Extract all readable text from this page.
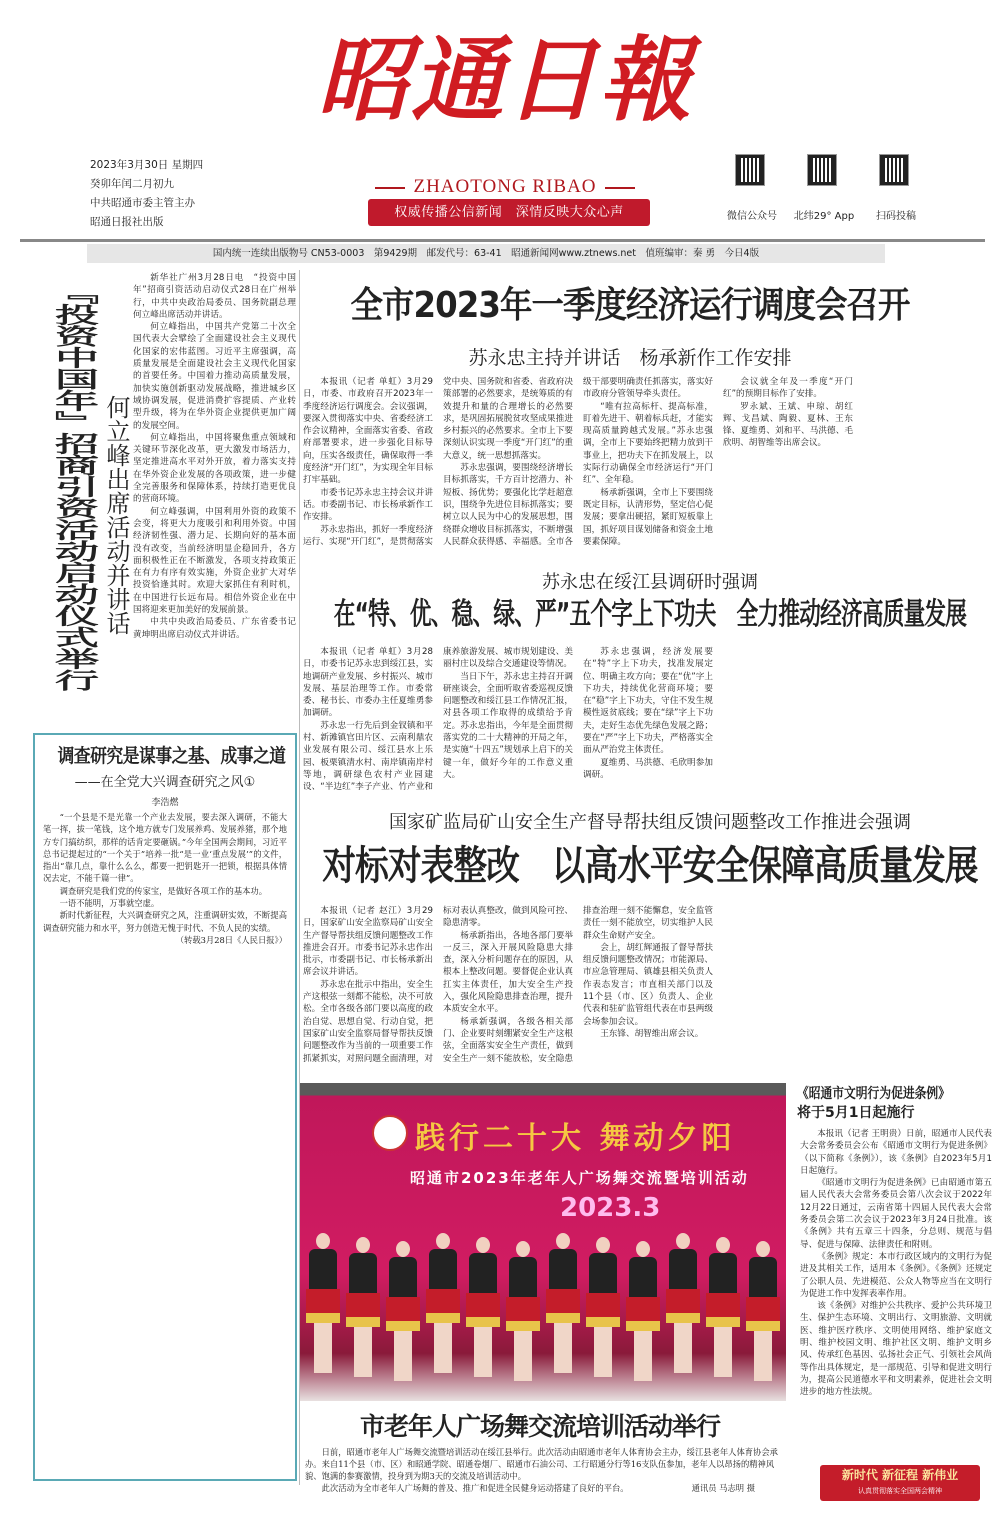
昭通日報
ZHAOTONG RIBAO
2023年3月30日 星期四
癸卯年闰二月初九
中共昭通市委主管主办
昭通日报社出版
权威传播公信新闻　深情反映大众心声	微信公众号	北纬29° App	扫码投稿
国内统一连续出版物号 CN53-0003　第9429期　邮发代号：63-41　昭通新闻网www.ztnews.net　值班编审：秦 勇　今日4版
『投资中国年』招商引资活动启动仪式举行 何立峰出席活动并讲话

新华社广州3月28日电　“投资中国年”招商引资活动启动仪式28日在广州举行，中共中央政治局委员、国务院副总理何立峰出席活动并讲话。

何立峰指出，中国共产党第二十次全国代表大会擘绘了全面建设社会主义现代化国家的宏伟蓝图。习近平主席强调，高质量发展是全面建设社会主义现代化国家的首要任务。中国着力推动高质量发展，加快实施创新驱动发展战略，推进城乡区域协调发展，促进消费扩容提质、产业转型升级，将为在华外资企业提供更加广阔的发展空间。

何立峰指出，中国将聚焦重点领域和关键环节深化改革，更大激发市场活力，坚定推进高水平对外开放，着力落实支持在华外资企业发展的各项政策，进一步健全完善服务和保障体系，持续打造更优良的营商环境。

何立峰强调，中国利用外资的政策不会变，将更大力度吸引和利用外资。中国经济韧性强、潜力足、长期向好的基本面没有改变，当前经济明显企稳回升，各方面积极性正在不断激发，各项支持政策正在有力有序有效实施，外资企业扩大对华投资恰逢其时。欢迎大家抓住有利时机，在中国进行长远布局。相信外资企业在中国将迎来更加美好的发展前景。

中共中央政治局委员、广东省委书记黄坤明出席启动仪式并讲话。

调查研究是谋事之基、成事之道
——在全党大兴调查研究之风①
李浩燃

“一个县是不是光靠一个产业去发展，要去深入调研，不能大笔一挥，拔一笔钱，这个地方就专门发展养鸡、发展养猪，那个地方专门搞纺织，那样的话肯定要砸锅。”今年全国两会期间，习近平总书记提起过的“一个关于”培养一批“是一业‘重点发展’”的文件，指出“靠几点，靠什么么么，都要一把钥匙开一把锁，根据具体情况去定，不能千篇一律”。

调查研究是我们党的传家宝，是做好各项工作的基本功。

一语不能明，万事就空虚。

新时代新征程，大兴调查研究之风，注重调研实效，不断提高调查研究能力和水平，努力创造无愧于时代、不负人民的实绩。

（转载3月28日《人民日报》）

全市2023年一季度经济运行调度会召开
苏永忠主持并讲话　杨承新作工作安排

本报讯（记者 单虹）3月29日，市委、市政府召开2023年一季度经济运行调度会。会议强调，要深入贯彻落实中央、省委经济工作会议精神，全面落实省委、省政府部署要求，进一步强化目标导向，压实各级责任，确保取得一季度经济“开门红”，为实现全年目标打牢基础。

市委书记苏永忠主持会议并讲话。市委副书记、市长杨承新作工作安排。

苏永忠指出，抓好一季度经济运行、实现“开门红”，是贯彻落实党中央、国务院和省委、省政府决策部署的必然要求，是统筹质的有效提升和量的合理增长的必然要求，是巩固拓展脱贫攻坚成果推进乡村振兴的必然要求。全市上下要深刻认识实现一季度“开门红”的重大意义，统一思想抓落实。

苏永忠强调，要围绕经济增长目标抓落实，千方百计挖潜力、补短板、扬优势；要强化比学赶超意识，围绕争先进位目标抓落实；要树立以人民为中心的发展思想，围绕群众增收目标抓落实，不断增强人民群众获得感、幸福感。全市各级干部要明确责任抓落实，落实好市政府分管领导牵头责任。

“唯有拉高标杆、提高标准，盯着先进干、朝着标兵赶，才能实现高质量跨越式发展。”苏永忠强调，全市上下要始终把精力放到干事业上，把功夫下在抓发展上，以实际行动确保全市经济运行“开门红”、全年稳。

杨承新强调，全市上下要围绕既定目标，认清形势，坚定信心促发展；要拿出硬招，紧盯短板靠上国，抓好项目谋划储备和资金土地要素保障。

会议就全年及一季度“开门红”的预期目标作了安排。

罗永斌、王斌、申琼、胡红辉、戈昌斌、陶毅、夏林、王东锋、夏维勇、刘和平、马洪德、毛欣明、胡智维等出席会议。

苏永忠在绥江县调研时强调
在“特、优、稳、绿、严”五个字上下功夫　全力推动经济高质量发展

本报讯（记者 单虹）3月28日，市委书记苏永忠到绥江县，实地调研产业发展、乡村振兴、城市发展、基层治理等工作。市委常委、秘书长、市委办主任夏维勇参加调研。

苏永忠一行先后到金钗镇和平村、新滩镇官田片区、云南利鼎农业发展有限公司、绥江县水上乐园、板栗镇清水村、南岸镇南岸村等地，调研绿色农村产业园建设、“半边红”李子产业、竹产业和康养旅游发展、城市规划建设、美丽村庄以及综合交通建设等情况。

当日下午，苏永忠主持召开调研座谈会，全面听取省委巡视反馈问题整改和绥江县工作情况汇报，对县各项工作取得的成绩给予肯定。苏永忠指出，今年是全面贯彻落实党的二十大精神的开局之年，是实施“十四五”规划承上启下的关键一年，做好今年的工作意义重大。

苏永忠强调，经济发展要在“特”字上下功夫，找准发展定位、明确主攻方向；要在“优”字上下功夫，持续优化营商环境；要在“稳”字上下功夫，守住不发生规模性返贫底线；要在“绿”字上下功夫，走好生态优先绿色发展之路；要在“严”字上下功夫，严格落实全面从严治党主体责任。

夏维勇、马洪德、毛欣明参加调研。

国家矿监局矿山安全生产督导帮扶组反馈问题整改工作推进会强调
对标对表整改　以高水平安全保障高质量发展

本报讯（记者 赵江）3月29日，国家矿山安全监察局矿山安全生产督导帮扶组反馈问题整改工作推进会召开。市委书记苏永忠作出批示，市委副书记、市长杨承新出席会议并讲话。

苏永忠在批示中指出，安全生产这根弦一刻都不能松，决不可放松。全市各级各部门要以高度的政治自觉、思想自觉、行动自觉，把国家矿山安全监察局督导帮扶反馈问题整改作为当前的一项重要工作抓紧抓实，对照问题全面清理，对标对表认真整改，做到风险可控、隐患清零。

杨承新指出，各地各部门要举一反三，深入开展风险隐患大排查，深入分析问题存在的原因，从根本上整改问题。要督促企业认真扛实主体责任，加大安全生产投入，强化风险隐患排查治理，提升本质安全水平。

杨承新强调，各级各相关部门、企业要时刻绷紧安全生产这根弦，全面落实安全生产责任，做到安全生产一刻不能放松，安全隐患排查治理一刻不能懈怠，安全监管责任一刻不能放空，切实维护人民群众生命财产安全。

会上，胡红辉通报了督导帮扶组反馈问题整改情况；市能源局、市应急管理局、镇雄县相关负责人作表态发言；市直相关部门以及11个县（市、区）负责人、企业代表和驻矿监管组代表在市县两级会场参加会议。

王东锋、胡智维出席会议。

践行二十大 舞动夕阳
昭通市2023年老年人广场舞交流暨培训活动
2023.3
市老年人广场舞交流培训活动举行

日前，昭通市老年人广场舞交流暨培训活动在绥江县举行。此次活动由昭通市老年人体育协会主办，绥江县老年人体育协会承办。来自11个县（市、区）和昭通学院、昭通卷烟厂、昭通市石油公司、工行昭通分行等16支队伍参加，老年人以昂扬的精神风貌、饱满的参赛激情，投身到为期3天的交流及培训活动中。

此次活动为全市老年人广场舞的普及、推广和促进全民健身运动搭建了良好的平台。	通讯员 马志明 摄

《昭通市文明行为促进条例》
将于5月1日起施行

本报讯（记者 王明贵）日前，昭通市人民代表大会常务委员会公布《昭通市文明行为促进条例》（以下简称《条例》），该《条例》自2023年5月1日起施行。

《昭通市文明行为促进条例》已由昭通市第五届人民代表大会常务委员会第八次会议于2022年12月22日通过，云南省第十四届人民代表大会常务委员会第二次会议于2023年3月24日批准。该《条例》共有五章三十四条，分总则、规范与倡导、促进与保障、法律责任和附则。

《条例》规定：本市行政区域内的文明行为促进及其相关工作，适用本《条例》。《条例》还规定了公职人员、先进模范、公众人物等应当在文明行为促进工作中发挥表率作用。

该《条例》对维护公共秩序、爱护公共环境卫生、保护生态环境、文明出行、文明旅游、文明就医、维护医疗秩序、文明使用网络、维护家庭文明、维护校园文明、维护社区文明、维护文明乡风、传承红色基因、弘扬社会正气、引领社会风尚等作出具体规定，是一部规范、引导和促进文明行为，提高公民道德水平和文明素养，促进社会文明进步的地方性法规。

新时代 新征程 新伟业
认真贯彻落实全国两会精神
